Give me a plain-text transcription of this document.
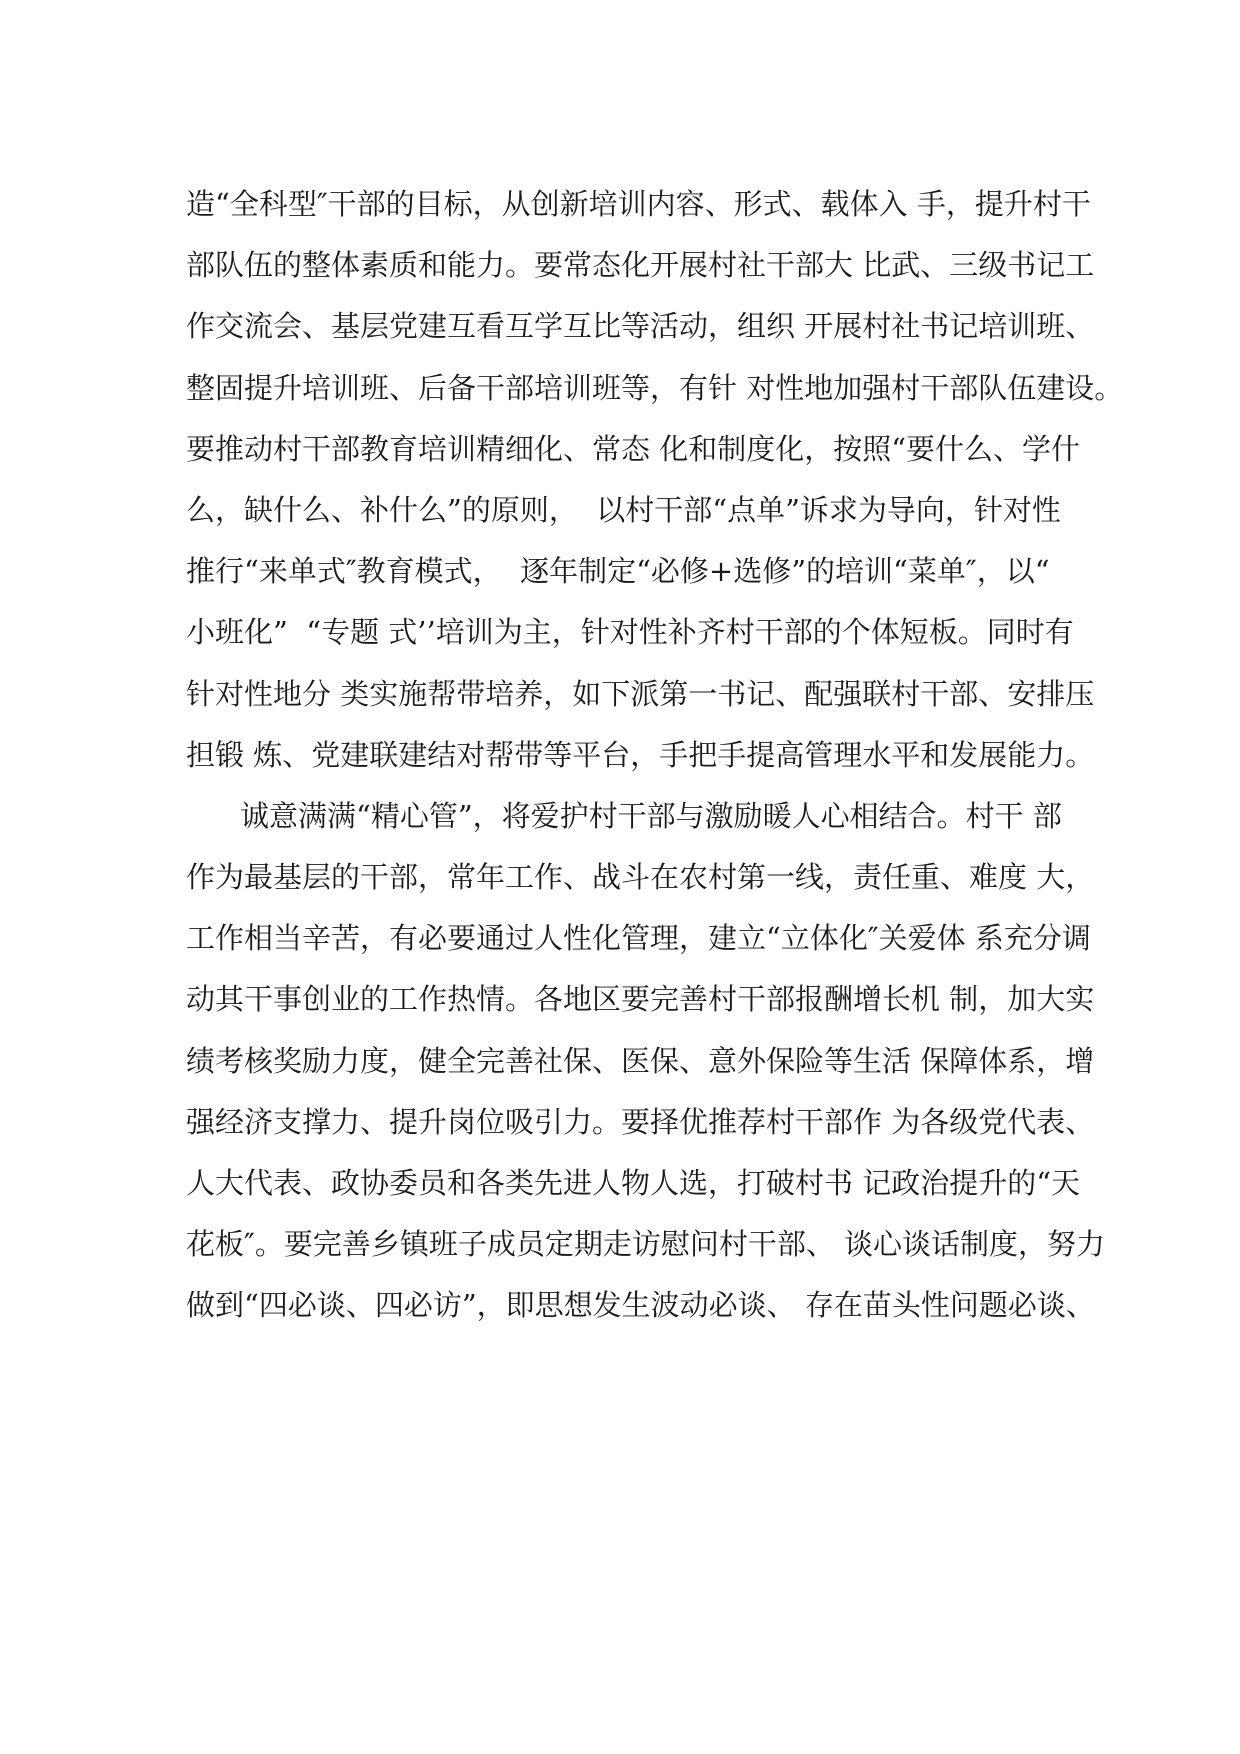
造“全科型″干部的目标，从创新培训内容、形式、载体入 手，提升村干
部队伍的整体素质和能力。要常态化开展村社干部大 比武、三级书记工
作交流会、基层党建互看互学互比等活动，组织 开展村社书记培训班、
整固提升培训班、后备干部培训班等，有针 对性地加强村干部队伍建设。
要推动村干部教育培训精细化、常态 化和制度化，按照“要什么、学什
么，缺什么、补什么”的原则，  以村干部“点单”诉求为导向，针对性
推行“来单式″教育模式，  逐年制定“必修+选修”的培训“菜单″，以“
小班化”  “专题 式’’培训为主，针对性补齐村干部的个体短板。同时有
针对性地分 类实施帮带培养，如下派第一书记、配强联村干部、安排压
担锻 炼、党建联建结对帮带等平台，手把手提高管理水平和发展能力。
诚意满满“精心管”，将爱护村干部与激励暖人心相结合。村干 部
作为最基层的干部，常年工作、战斗在农村第一线，责任重、难度 大，
工作相当辛苦，有必要通过人性化管理，建立“立体化″关爱体 系充分调
动其干事创业的工作热情。各地区要完善村干部报酬增长机 制，加大实
绩考核奖励力度，健全完善社保、医保、意外保险等生活 保障体系，增
强经济支撑力、提升岗位吸引力。要择优推荐村干部作 为各级党代表、
人大代表、政协委员和各类先进人物人选，打破村书 记政治提升的“天
花板″。要完善乡镇班子成员定期走访慰问村干部、 谈心谈话制度，努力
做到“四必谈、四必访”，即思想发生波动必谈、 存在苗头性问题必谈、
